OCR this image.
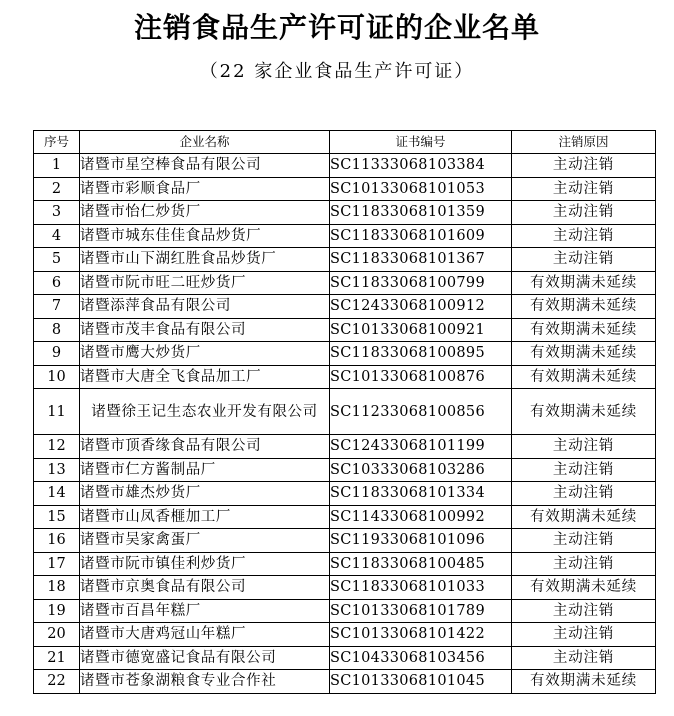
注销食品生产许可证的企业名单
（22 家企业食品生产许可证）
序号	企业名称	证书编号	注销原因
1	诸暨市星空棒食品有限公司	SC11333068103384	主动注销
2	诸暨市彩顺食品厂	SC10133068101053	主动注销
3	诸暨市怡仁炒货厂	SC11833068101359	主动注销
4	诸暨市城东佳佳食品炒货厂	SC11833068101609	主动注销
5	诸暨市山下湖红胜食品炒货厂	SC11833068101367	主动注销
6	诸暨市阮市旺二旺炒货厂	SC11833068100799	有效期满未延续
7	诸暨添萍食品有限公司	SC12433068100912	有效期满未延续
8	诸暨市茂丰食品有限公司	SC10133068100921	有效期满未延续
9	诸暨市鹰大炒货厂	SC11833068100895	有效期满未延续
10	诸暨市大唐全飞食品加工厂	SC10133068100876	有效期满未延续
11	诸暨徐王记生态农业开发有限公司	SC11233068100856	有效期满未延续
12	诸暨市顶香缘食品有限公司	SC12433068101199	主动注销
13	诸暨市仁方酱制品厂	SC10333068103286	主动注销
14	诸暨市雄杰炒货厂	SC11833068101334	主动注销
15	诸暨市山凤香榧加工厂	SC11433068100992	有效期满未延续
16	诸暨市吴家禽蛋厂	SC11933068101096	主动注销
17	诸暨市阮市镇佳利炒货厂	SC11833068100485	主动注销
18	诸暨市京奥食品有限公司	SC11833068101033	有效期满未延续
19	诸暨市百昌年糕厂	SC10133068101789	主动注销
20	诸暨市大唐鸡冠山年糕厂	SC10133068101422	主动注销
21	诸暨市德宽盛记食品有限公司	SC10433068103456	主动注销
22	诸暨市苍象湖粮食专业合作社	SC10133068101045	有效期满未延续
